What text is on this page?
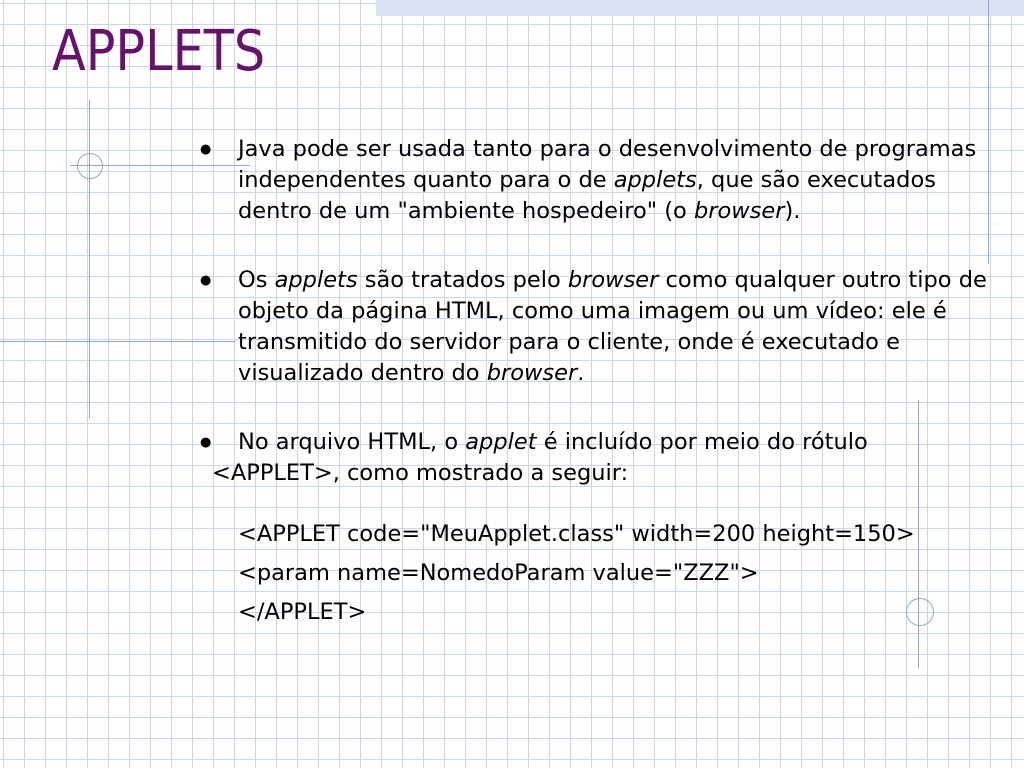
APPLETS

● Java pode ser usada tanto para o desenvolvimento de programas independentes quanto para o de applets, que são executados dentro de um "ambiente hospedeiro" (o browser).

● Os applets são tratados pelo browser como qualquer outro tipo de objeto da página HTML, como uma imagem ou um vídeo: ele é transmitido do servidor para o cliente, onde é executado e visualizado dentro do browser.

● No arquivo HTML, o applet é incluído por meio do rótulo

<APPLET>, como mostrado a seguir:

<APPLET code="MeuApplet.class" width=200 height=150>

<param name=NomedoParam value="ZZZ">

</APPLET>
